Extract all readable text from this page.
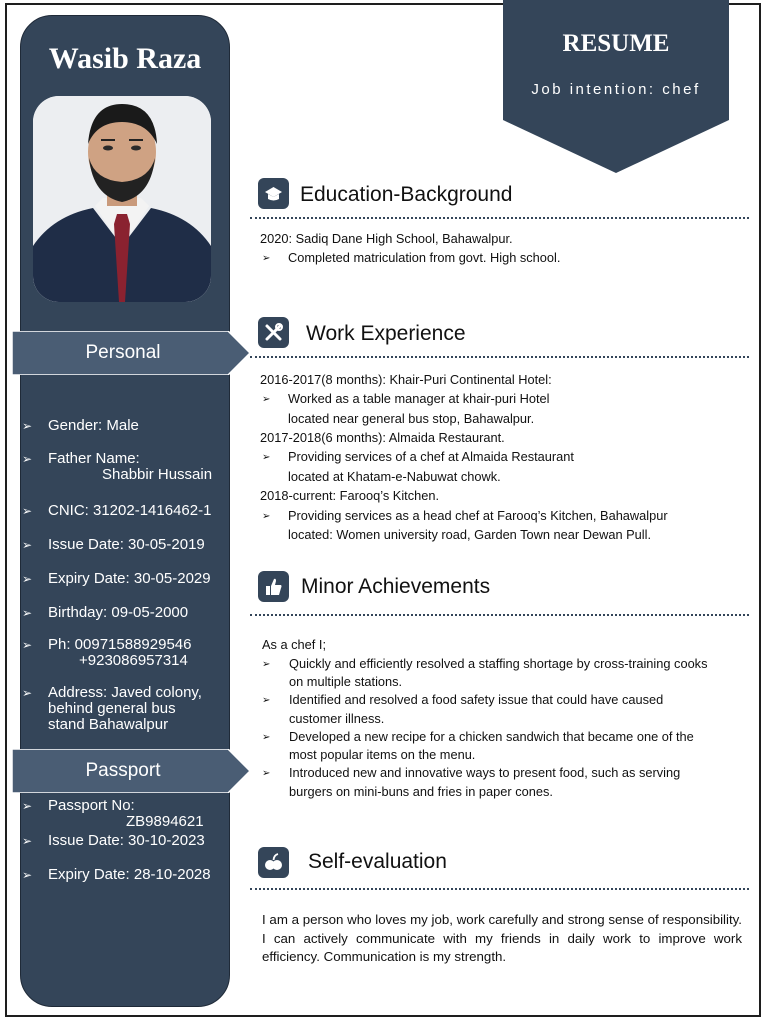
Wasib Raza
Personal
➢ Gender: Male
➢ Father Name:
Shabbir Hussain
➢ CNIC: 31202-1416462-1
➢ Issue Date: 30-05-2019
➢ Expiry Date: 30-05-2029
➢ Birthday: 09-05-2000
➢ Ph: 00971588929546
+923086957314
➢ Address: Javed colony,
behind general bus
stand Bahawalpur
Passport
➢ Passport No:
ZB9894621
➢ Issue Date: 30-10-2023
➢ Expiry Date: 28-10-2028
RESUME
Job intention: chef
Education-Background
2020: Sadiq Dane High School, Bahawalpur.
➢ Completed matriculation from govt. High school.
Work Experience
2016-2017(8 months): Khair-Puri Continental Hotel:
➢ Worked as a table manager at khair-puri Hotel
located near general bus stop, Bahawalpur.
2017-2018(6 months): Almaida Restaurant.
➢ Providing services of a chef at Almaida Restaurant
located at Khatam-e-Nabuwat chowk.
2018-current: Farooq’s Kitchen.
➢ Providing services as a head chef at Farooq’s Kitchen, Bahawalpur
located: Women university road, Garden Town near Dewan Pull.
Minor Achievements
As a chef I;
➢ Quickly and efficiently resolved a staffing shortage by cross-training cooks
on multiple stations.
➢ Identified and resolved a food safety issue that could have caused
customer illness.
➢ Developed a new recipe for a chicken sandwich that became one of the
most popular items on the menu.
➢ Introduced new and innovative ways to present food, such as serving
burgers on mini-buns and fries in paper cones.
Self-evaluation
I am a person who loves my job, work carefully and strong sense of responsibility. I can actively communicate with my friends in daily work to improve work efficiency. Communication is my strength.
